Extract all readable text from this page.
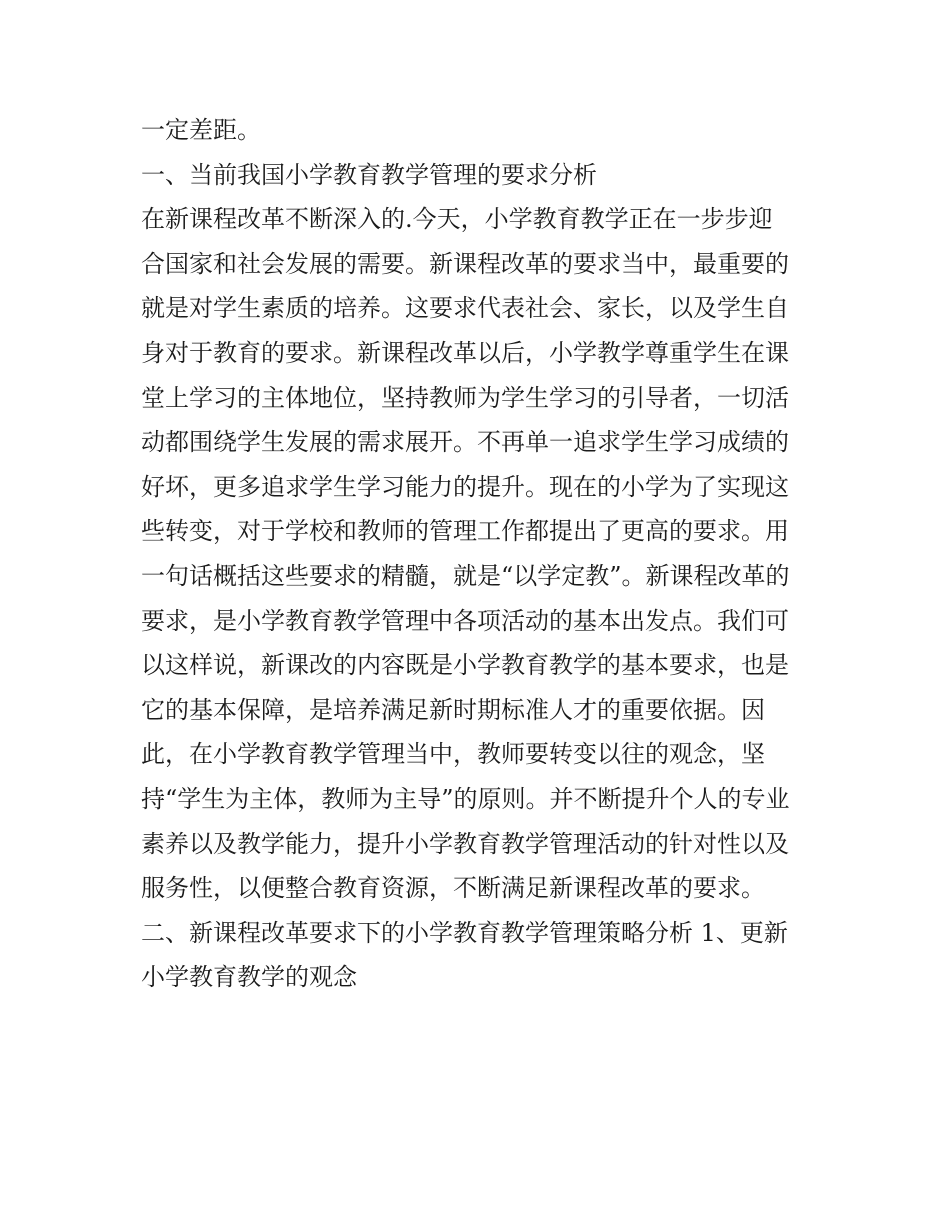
一定差距。
一、当前我国小学教育教学管理的要求分析
在新课程改革不断深入的.今天，小学教育教学正在一步步迎
合国家和社会发展的需要。新课程改革的要求当中，最重要的
就是对学生素质的培养。这要求代表社会、家长，以及学生自
身对于教育的要求。新课程改革以后，小学教学尊重学生在课
堂上学习的主体地位，坚持教师为学生学习的引导者，一切活
动都围绕学生发展的需求展开。不再单一追求学生学习成绩的
好坏，更多追求学生学习能力的提升。现在的小学为了实现这
些转变，对于学校和教师的管理工作都提出了更高的要求。用
一句话概括这些要求的精髓，就是“以学定教”。新课程改革的
要求，是小学教育教学管理中各项活动的基本出发点。我们可
以这样说，新课改的内容既是小学教育教学的基本要求，也是
它的基本保障，是培养满足新时期标准人才的重要依据。因
此，在小学教育教学管理当中，教师要转变以往的观念，坚
持“学生为主体，教师为主导”的原则。并不断提升个人的专业
素养以及教学能力，提升小学教育教学管理活动的针对性以及
服务性，以便整合教育资源，不断满足新课程改革的要求。
二、新课程改革要求下的小学教育教学管理策略分析 1、更新
小学教育教学的观念
